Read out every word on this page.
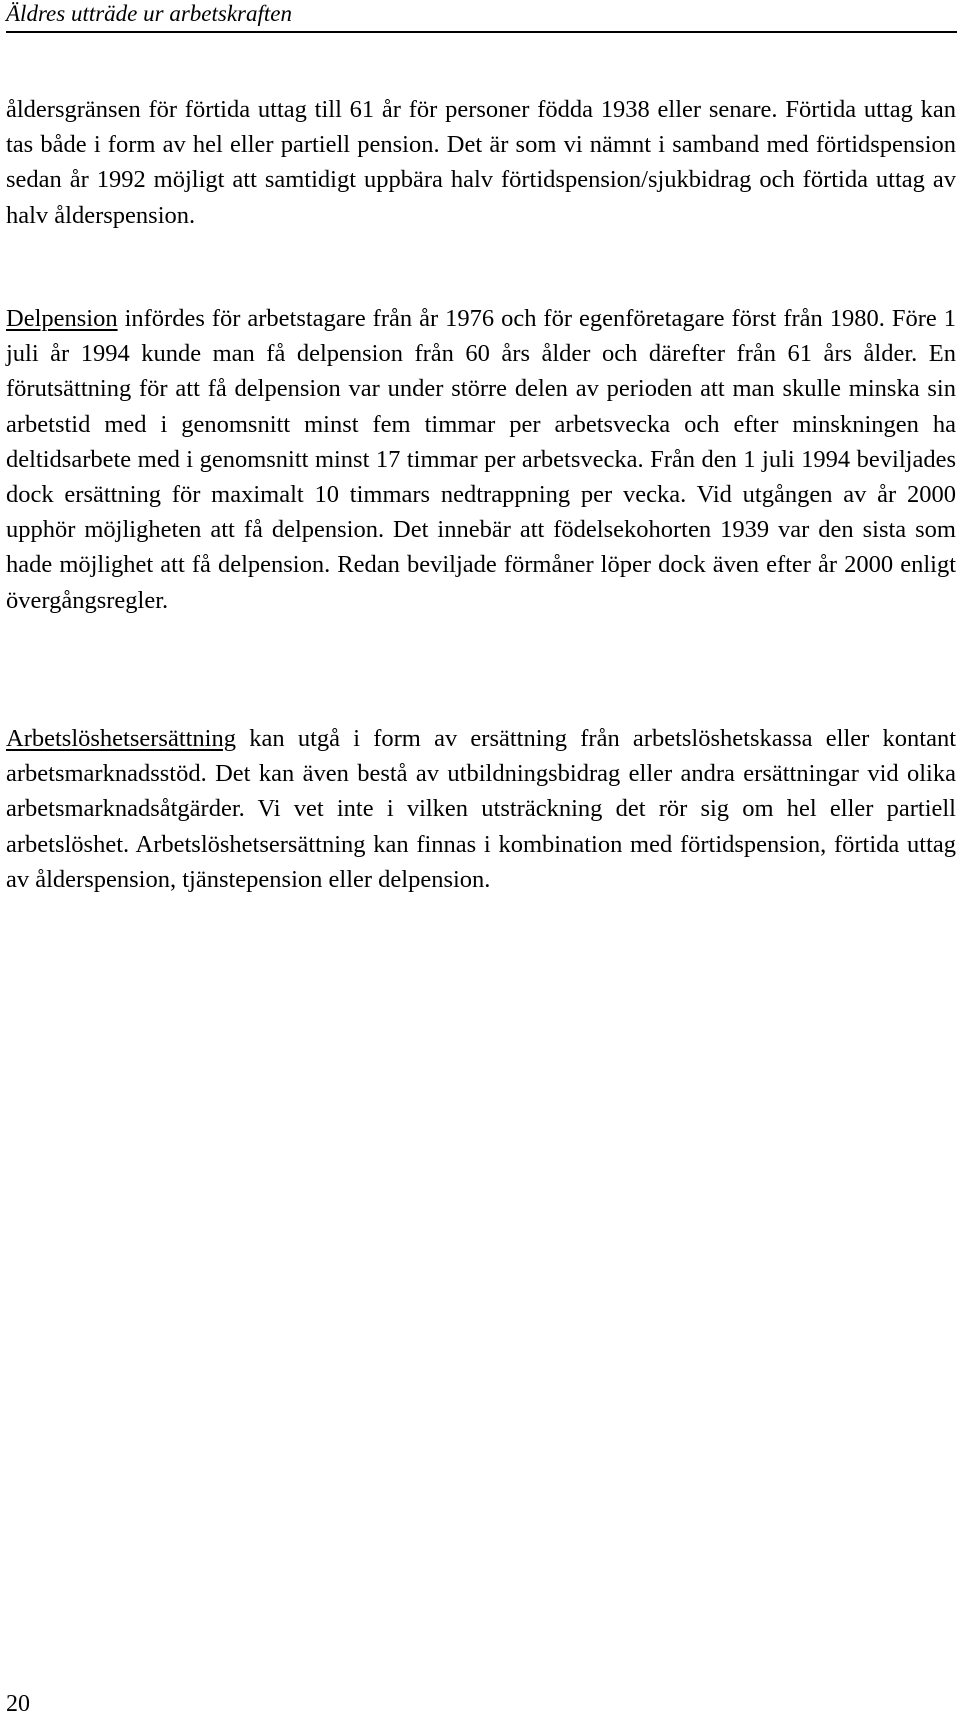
Äldres utträde ur arbetskraften
åldersgränsen för förtida uttag till 61 år för personer födda 1938 eller senare. Förtida uttag kan tas både i form av hel eller partiell pension. Det är som vi nämnt i samband med förtidspension sedan år 1992 möjligt att samtidigt uppbära halv förtidspension/sjukbidrag och förtida uttag av halv ålderspension.
Delpension infördes för arbetstagare från år 1976 och för egenföretagare först från 1980. Före 1 juli år 1994 kunde man få delpension från 60 års ålder och därefter från 61 års ålder. En förutsättning för att få delpension var under större delen av perioden att man skulle minska sin arbetstid med i genomsnitt minst fem timmar per arbetsvecka och efter minskningen ha deltidsarbete med i genomsnitt minst 17 timmar per arbetsvecka. Från den 1 juli 1994 beviljades dock ersättning för maximalt 10 timmars nedtrappning per vecka. Vid utgången av år 2000 upphör möjligheten att få delpension. Det innebär att födelsekohorten 1939 var den sista som hade möjlighet att få delpension. Redan beviljade förmåner löper dock även efter år 2000 enligt övergångsregler.
Arbetslöshetsersättning kan utgå i form av ersättning från arbetslöshetskassa eller kontant arbetsmarknadsstöd. Det kan även bestå av utbildningsbidrag eller andra ersättningar vid olika arbetsmarknadsåtgärder. Vi vet inte i vilken utsträckning det rör sig om hel eller partiell arbetslöshet. Arbetslöshetsersättning kan finnas i kombination med förtidspension, förtida uttag av ålderspension, tjänstepension eller delpension.
20
